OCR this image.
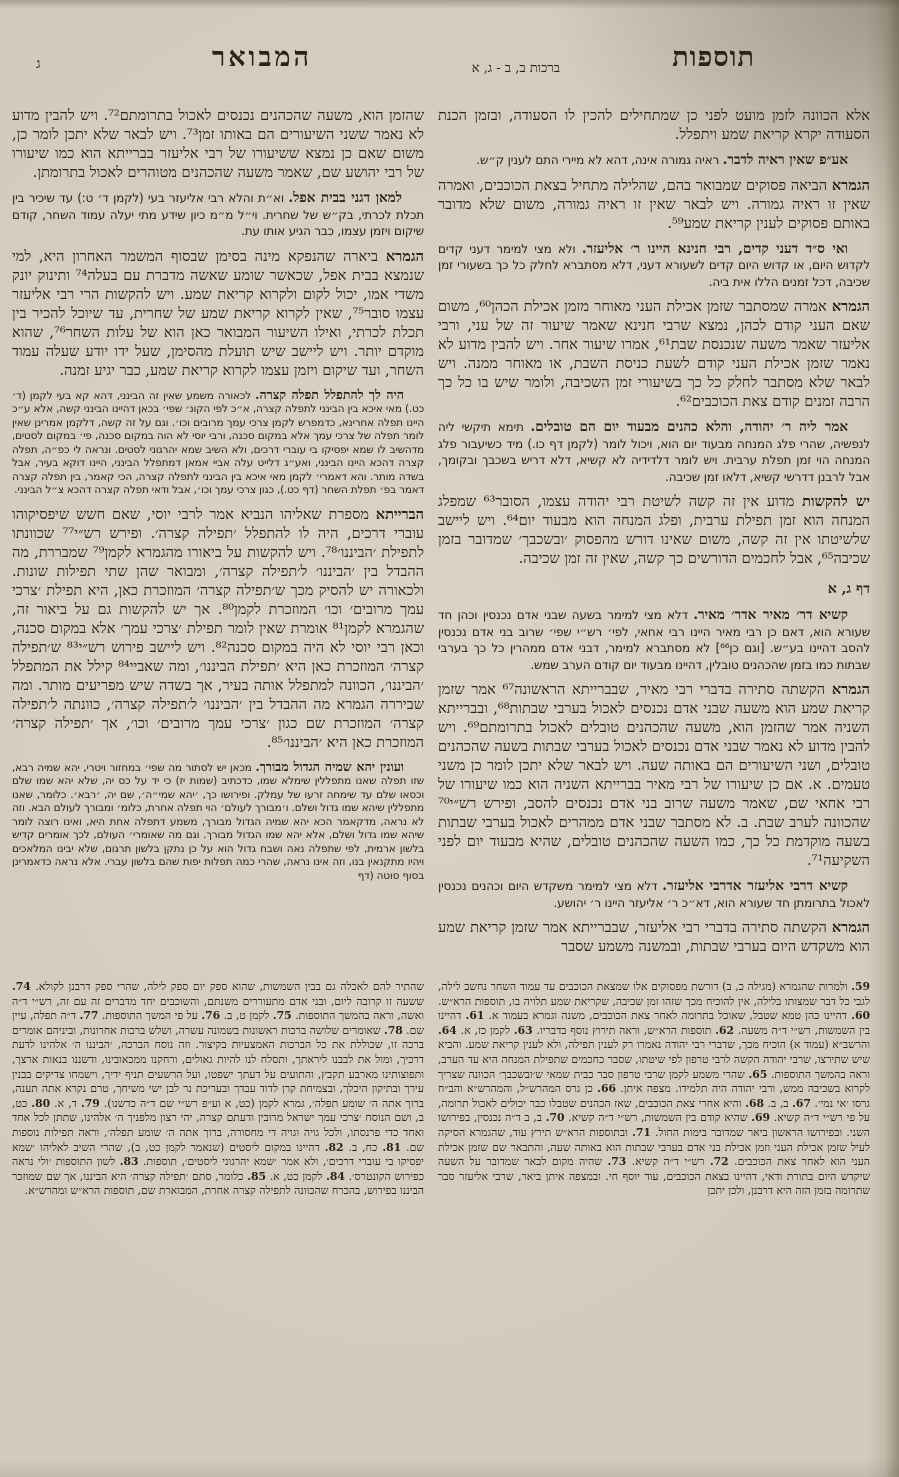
תוספות
ברכות ב, ב - ג, א
המבואר
ג

אלא הכוונה לזמן מועט לפני כן שמתחילים להכין לו הסעודה, ובזמן הכנת הסעודה יקרא קריאת שמע ויתפלל.

אע״פ שאין ראיה לדבר. ראיה גמורה אינה, דהא לא מיירי התם לענין ק״ש.

הגמרא הביאה פסוקים שמבואר בהם, שהלילה מתחיל בצאת הכוכבים, ואמרה שאין זו ראיה גמורה. ויש לבאר שאין זו ראיה גמורה, משום שלא מדובר באותם פסוקים לענין קריאת שמע⁵⁹.

ואי ס״ד דעני קדים, רבי חנינא היינו ר׳ אליעזר. ולא מצי למימר דעני קדים לקדוש היום, או קדוש היום קדים לשעורא דעני, דלא מסתברא לחלק כל כך בשעורי זמן שכיבה, דכל זמנים הללו אית ביה.

הגמרא אמרה שמסתבר שזמן אכילת העני מאוחר מזמן אכילת הכהן⁶⁰, משום שאם העני קודם לכהן, נמצא שרבי חנינא שאמר שיעור זה של עני, ורבי אליעזר שאמר משעה שנכנסת שבת⁶¹, אמרו שיעור אחר. ויש להבין מדוע לא נאמר שזמן אכילת העני קודם לשעת כניסת השבת, או מאוחר ממנה. ויש לבאר שלא מסתבר לחלק כל כך בשיעורי זמן השכיבה, ולומר שיש בו כל כך הרבה זמנים קודם צאת הכוכבים⁶².

אמר ליה ר׳ יהודה, והלא כהנים מבעוד יום הם טובלים. תימא תיקשי ליה לנפשיה, שהרי פלג המנחה מבעוד יום הוא, ויכול לומר (לקמן דף כו.) מיד כשיעבור פלג המנחה הוי זמן תפלת ערבית. ויש לומר דלדידיה לא קשיא, דלא דריש בשכבך ובקומך, אבל לרבנן דדרשי קשיא, דלאו זמן שכיבה.

יש להקשות מדוע אין זה קשה לשיטת רבי יהודה עצמו, הסובר⁶³ שמפלג המנחה הוא זמן תפילת ערבית, ופלג המנחה הוא מבעוד יום⁶⁴. ויש ליישב שלשיטתו אין זה קשה, משום שאינו דורש מהפסוק ׳ובשכבך׳ שמדובר בזמן שכיבה⁶⁵, אבל לחכמים הדורשים כך קשה, שאין זה זמן שכיבה.

דף ג, א

קשיא דר׳ מאיר אדר׳ מאיר. דלא מצי למימר בשעה שבני אדם נכנסין וכהן חד שעורא הוא, דאם כן רבי מאיר היינו רבי אחאי, לפי׳ רש״י שפי׳ שרוב בני אדם נכנסין להסב דהיינו בע״ש. [וגם כן⁶⁶] לא מסתברא למימר, דבני אדם ממהרין כל כך בערבי שבתות כמו בזמן שהכהנים טובלין, דהיינו מבעוד יום קודם הערב שמש.

הגמרא הקשתה סתירה בדברי רבי מאיר, שבברייתא הראשונה⁶⁷ אמר שזמן קריאת שמע הוא משעה שבני אדם נכנסים לאכול בערבי שבתות⁶⁸, ובברייתא השניה אמר שהזמן הוא, משעה שהכהנים טובלים לאכול בתרומתם⁶⁹. ויש להבין מדוע לא נאמר שבני אדם נכנסים לאכול בערבי שבתות בשעה שהכהנים טובלים, ושני השיעורים הם באותה שעה. ויש לבאר שלא יתכן לומר כן משני טעמים. א. אם כן שיעורו של רבי מאיר בברייתא השניה הוא כמו שיעורו של רבי אחאי שם, שאמר משעה שרוב בני אדם נכנסים להסב, ופירש רש״י⁷⁰ שהכוונה לערב שבת. ב. לא מסתבר שבני אדם ממהרים לאכול בערבי שבתות בשעה מוקדמת כל כך, כמו השעה שהכהנים טובלים, שהיא מבעוד יום לפני השקיעה⁷¹.

קשיא דרבי אליעזר אדרבי אליעזר. דלא מצי למימר משקדש היום וכהנים נכנסין לאכול בתרומתן חד שעורא הוא, דא״כ ר׳ אליעזר היינו ר׳ יהושע.

הגמרא הקשתה סתירה בדברי רבי אליעזר, שבברייתא אמר שזמן קריאת שמע הוא משקדש היום בערבי שבתות, ובמשנה משמע שסבר

שהזמן הוא, משעה שהכהנים נכנסים לאכול בתרומתם⁷². ויש להבין מדוע לא נאמר ששני השיעורים הם באותו זמן⁷³. ויש לבאר שלא יתכן לומר כן, משום שאם כן נמצא ששיעורו של רבי אליעזר בברייתא הוא כמו שיעורו של רבי יהושע שם, שאמר משעה שהכהנים מטוהרים לאכול בתרומתן.

למאן דגני בבית אפל. וא״ת והלא רבי אליעזר בעי (לקמן ד׳ ט:) עד שיכיר בין תכלת לכרתי, בק״ש של שחרית. וי״ל מ״מ כיון שידע מתי יעלה עמוד השחר, קודם שיקום ויזמן עצמו, כבר הגיע אותו עת.

הגמרא ביארה שהנפקא מינה בסימן שבסוף המשמר האחרון היא, למי שנמצא בבית אפל, שכאשר שומע שאשה מדברת עם בעלה⁷⁴ ותינוק יונק משדי אמו, יכול לקום ולקרוא קריאת שמע. ויש להקשות הרי רבי אליעזר עצמו סובר⁷⁵, שאין לקרוא קריאת שמע של שחרית, עד שיוכל להכיר בין תכלת לכרתי, ואילו השיעור המבואר כאן הוא של עלות השחר⁷⁶, שהוא מוקדם יותר. ויש ליישב שיש תועלת מהסימן, שעל ידו יודע שעלה עמוד השחר, ועד שיקום ויזמן עצמו לקרוא קריאת שמע, כבר יגיע זמנה.

היה לך להתפלל תפלה קצרה. לכאורה משמע שאין זה הבינני, דהא קא בעי לקמן (ד׳ כט.) מאי איכא בין הבינני לתפלה קצרה, א״כ לפי הקונ׳ שפי׳ בכאן דהיינו הבינני קשה, אלא ע״כ היינו תפלה אחרינא, כדמפרש לקמן צרכי עמך מרובים וכו׳. וגם על זה קשה, דלקמן אמרינן שאין לומר תפלה של צרכי עמך אלא במקום סכנה, ורבי יוסי לא הוה במקום סכנה, פי׳ במקום לסטים, מדהשיב לו שמא יפסיקו בי עוברי דרכים, ולא השיב שמא יהרגוני לסטים. ונראה לי כפ״ה, תפלה קצרה דהכא היינו הבינני, ואע״ג דלייט עלה אביי אמאן דמתפלל הבינני, היינו דוקא בעיר, אבל בשדה מותר. והא דאמרי׳ לקמן מאי איכא בין הבינני לתפלה קצרה, הכי קאמר, בין תפלה קצרה דאמר בפ׳ תפלת השחר (דף כט.), כגון צרכי עמך וכו׳, אבל ודאי תפלה קצרה דהכא צ״ל הבינני.

הברייתא מספרת שאליהו הנביא אמר לרבי יוסי, שאם חשש שיפסיקוהו עוברי דרכים, היה לו להתפלל ׳תפילה קצרה׳. ופירש רש״י⁷⁷ שכוונתו לתפילת ׳הביננו׳⁷⁸. ויש להקשות על ביאורו מהגמרא לקמן⁷⁹ שמבררת, מה ההבדל בין ׳הביננו׳ ל׳תפילה קצרה׳, ומבואר שהן שתי תפילות שונות. ולכאורה יש להסיק מכך ש׳תפילה קצרה׳ המוזכרת כאן, היא תפילת ׳צרכי עמך מרובים׳ וכו׳ המוזכרת לקמן⁸⁰. אך יש להקשות גם על ביאור זה, שהגמרא לקמן⁸¹ אומרת שאין לומר תפילת ׳צרכי עמך׳ אלא במקום סכנה, וכאן רבי יוסי לא היה במקום סכנה⁸². ויש ליישב פירוש רש״י⁸³ ש׳תפילה קצרה׳ המוזכרת כאן היא ׳תפילת הביננו׳, ומה שאביי⁸⁴ קילל את המתפלל ׳הביננו׳, הכוונה למתפלל אותה בעיר, אך בשדה שיש מפריעים מותר. ומה שביררה הגמרא מה ההבדל בין ׳הביננו׳ ל׳תפילה קצרה׳, כוונתה ל׳תפילה קצרה׳ המוזכרת שם כגון ׳צרכי עמך מרובים׳ וכו׳, אך ׳תפילה קצרה׳ המוזכרת כאן היא ׳הביננו׳⁸⁵.

ועונין יהא שמיה הגדול מבורך. מכאן יש לסתור מה שפי׳ במחזור ויטרי, יהא שמיה רבא, שזו תפלה שאנו מתפללין שימלא שמו, כדכתיב (שמות יז) כי יד על כס יה, שלא יהא שמו שלם וכסאו שלם עד שימחה זרעו של עמלק. ופירושו כך, ׳יהא שמי״ה׳, שם יה, ׳רבא׳. כלומר, שאנו מתפללין שיהא שמו גדול ושלם. ו׳מבורך לעולם׳ הוי תפלה אחרת, כלומ׳ ומבורך לעולם הבא. וזה לא נראה, מדקאמר הכא יהא שמיה הגדול מבורך, משמע דתפלה אחת היא, ואינו רוצה לומר שיהא שמו גדול ושלם, אלא יהא שמו הגדול מבורך. וגם מה שאומרי׳ העולם, לכך אומרים קדיש בלשון ארמית, לפי שתפלה נאה ושבח גדול הוא על כן נתקן בלשון תרגום, שלא יבינו המלאכים ויהיו מתקנאין בנו, וזה אינו נראה, שהרי כמה תפלות יפות שהם בלשון עברי. אלא נראה כדאמרינן בסוף סוטה (דף

59. ולמרות שהגמרא (מגילה כ, ב) דורשת מפסוקים אלו שמצאת הכוכבים עד עמוד השחר נחשב לילה, לגבי כל דבר שמצותו בלילה, אין להוכיח מכך שזהו זמן שכיבה, שקריאת שמע תלויה בו, תוספות הרא״ש. 60. דהיינו כהן טמא שטבל, שאוכל בתרומה לאחר צאת הכוכבים, משנה וגמרא בעמוד א. 61. דהיינו בין השמשות, רש״י ד״ה משעה. 62. תוספות הרא״ש, וראה תירוץ נוסף בדבריו. 63. לקמן כז, א. 64. והרשב״א (עמוד א) הוכיח מכך, שדברי רבי יהודה נאמרו רק לענין תפילה, ולא לענין קריאת שמע. והביא שיש שתירצו, שרבי יהודה הקשה לרבי טרפון לפי שיטתו, שסבר כחכמים שתפילת המנחה היא עד הערב, וראה בהמשך התוספות. 65. שהרי משמע לקמן שרבי טרפון סבר כבית שמאי ש׳ובשכבך׳ הכוונה שצריך לקרוא בשכיבה ממש, ורבי יהודה היה תלמידו. מצפה איתן. 66. כן גרס המהרש״ל, והמהרש״א והב״ח גרסו ׳אי נמי׳. 67. ב, ב. 68. והיא אחרי צאת הכוכבים, שאז הכהנים שטבלו כבר יכולים לאכול תרומה, על פי רש״י ד״ה קשיא. 69. שהיא קודם בין השמשות, רש״י ד״ה קשיא. 70. ב, ב ד״ה נכנסין, בפירושו השני. ובפירושו הראשון ביאר שמדובר בימות החול. 71. ובתוספות הרא״ש תירץ עוד, שהגמרא הסיקה לעיל שזמן אכילת העני וזמן אכילת בני אדם בערבי שבתות הוא באותה שעה, והתבאר שם שזמן אכילת העני הוא לאחר צאת הכוכבים. 72. רש״י ד״ה קשיא. 73. שהיה מקום לבאר שמדובר על השעה שיקדש היום בתורת ודאי, דהיינו בצאת הכוכבים, עוד יוסף חי. ובמצפה איתן ביאר, שרבי אליעזר סבר שתרומה בזמן הזה היא דרבנן, ולכן יתכן

שהתיר להם לאכלה גם בבין השמשות, שהוא ספק יום ספק לילה, שהרי ספק דרבנן לקולא. 74. ששעה זו קרובה ליום, ובני אדם מתעוררים משנתם, והשוכבים יחד מדברים זה עם זה, רש״י ד״ה ואשה, וראה בהמשך התוספות. 75. לקמן ט, ב. 76. על פי המשך התוספות. 77. ד״ה תפלה, עיין שם. 78. שאומרים שלושה ברכות ראשונות בשמונה עשרה, ושלש ברכות אחרונות, וביניהם אומרים ברכה זו, שכוללת את כל הברכות האמצעיות בקיצור. וזה נוסח הברכה, ׳הביננו ה׳ אלהינו לדעת דרכיך, ומול את לבבנו ליראתך, ותסלח לנו להיות גאולים, ורחקנו ממכאובינו, ודשננו בנאות ארצך, ותפוצותינו מארבע תקבץ, והתועים על דעתך ישפטו, ועל הרשעים תניף ידיך, וישמחו צדיקים בבנין עירך ובתיקון היכלך, ובצמיחת קרן לדוד עבדך ובעריכת נר לבן ישי משיחך, טרם נקרא אתה תענה, ברוך אתה ה׳ שומע תפלה׳, גמרא לקמן (כט, א וע״פ רש״י שם ד״ה כדשנו). 79. ד, א. 80. כט, ב, ושם הנוסח ׳צרכי עמך ישראל מרובין ודעתם קצרה, יהי רצון מלפניך ה׳ אלהינו, שתתן לכל אחד ואחד כדי פרנסתו, ולכל גויה וגויה די מחסורה, ברוך אתה ה׳ שומע תפלה׳, וראה תפילות נוספות שם. 81. כח, ב. 82. דהיינו במקום ליסטים (שנאמר לקמן כט, ב), שהרי השיב לאליהו ׳שמא יפסיקו בי עוברי דרכים׳, ולא אמר ׳שמא יהרגוני ליסטים׳, תוספות. 83. לשון התוספות ׳ולי נראה כפירוש הקונטרס׳. 84. לקמן כט, א. 85. כלומר, סתם ׳תפילה קצרה׳ היא הביננו, אך שם שמוזכר הביננו בפירוש, בהכרח שהכוונה לתפילה קצרה אחרת, המבוארת שם, תוספות הרא״ש ומהרש״א.
